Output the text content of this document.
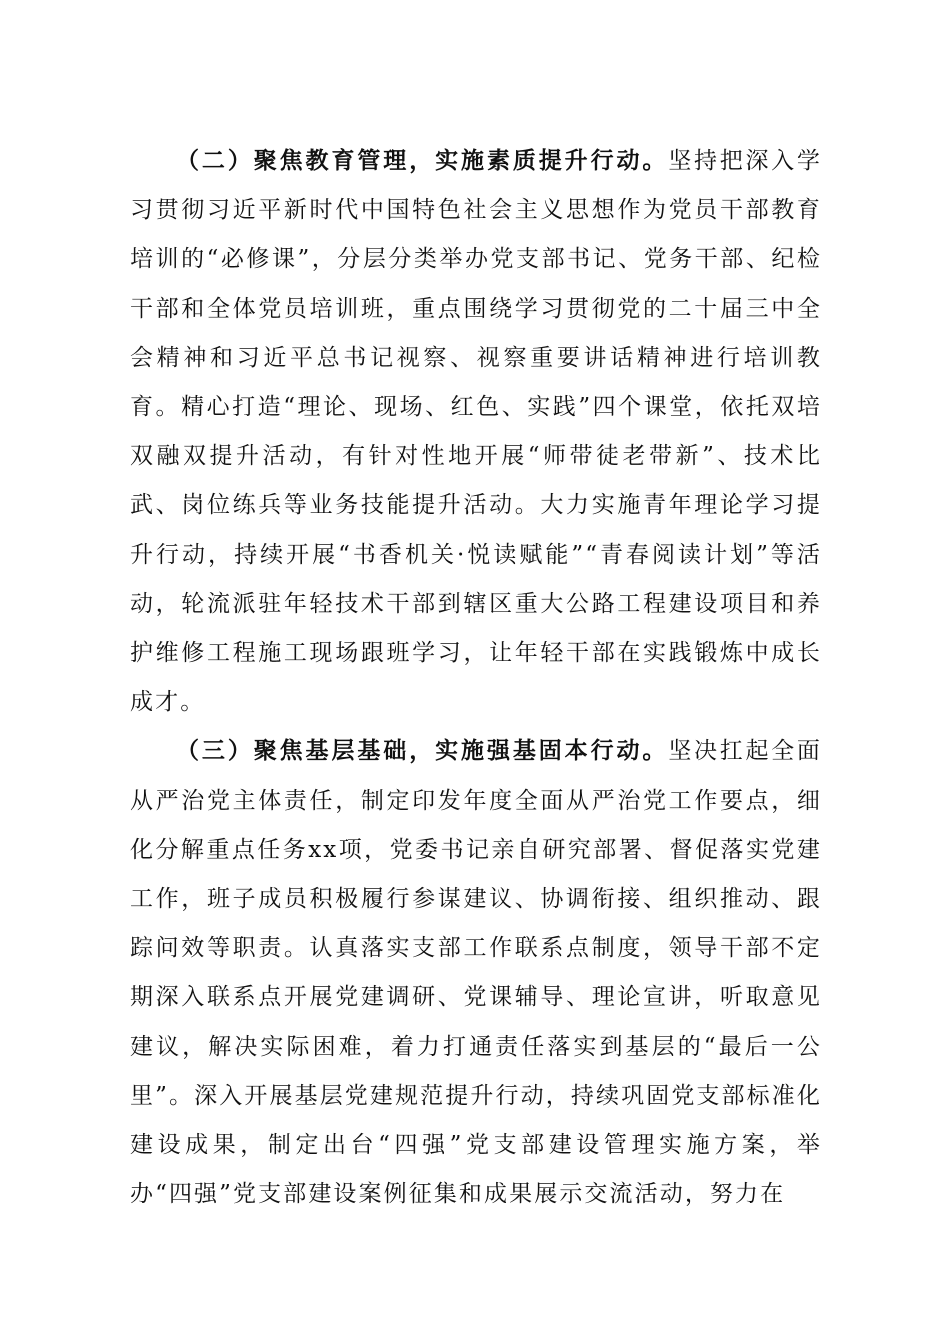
（二）聚焦教育管理，实施素质提升行动。坚持把深入学习贯彻习近平新时代中国特色社会主义思想作为党员干部教育培训的“必修课”，分层分类举办党支部书记、党务干部、纪检干部和全体党员培训班，重点围绕学习贯彻党的二十届三中全会精神和习近平总书记视察、视察重要讲话精神进行培训教育。精心打造“理论、现场、红色、实践”四个课堂，依托双培双融双提升活动，有针对性地开展“师带徒老带新”、技术比武、岗位练兵等业务技能提升活动。大力实施青年理论学习提升行动，持续开展“书香机关·悦读赋能”“青春阅读计划”等活动，轮流派驻年轻技术干部到辖区重大公路工程建设项目和养护维修工程施工现场跟班学习，让年轻干部在实践锻炼中成长成才。

（三）聚焦基层基础，实施强基固本行动。坚决扛起全面从严治党主体责任，制定印发年度全面从严治党工作要点，细化分解重点任务xx项，党委书记亲自研究部署、督促落实党建工作，班子成员积极履行参谋建议、协调衔接、组织推动、跟踪问效等职责。认真落实支部工作联系点制度，领导干部不定期深入联系点开展党建调研、党课辅导、理论宣讲，听取意见建议，解决实际困难，着力打通责任落实到基层的“最后一公里”。深入开展基层党建规范提升行动，持续巩固党支部标准化建设成果，制定出台“四强”党支部建设管理实施方案，举办“四强”党支部建设案例征集和成果展示交流活动，努力在
